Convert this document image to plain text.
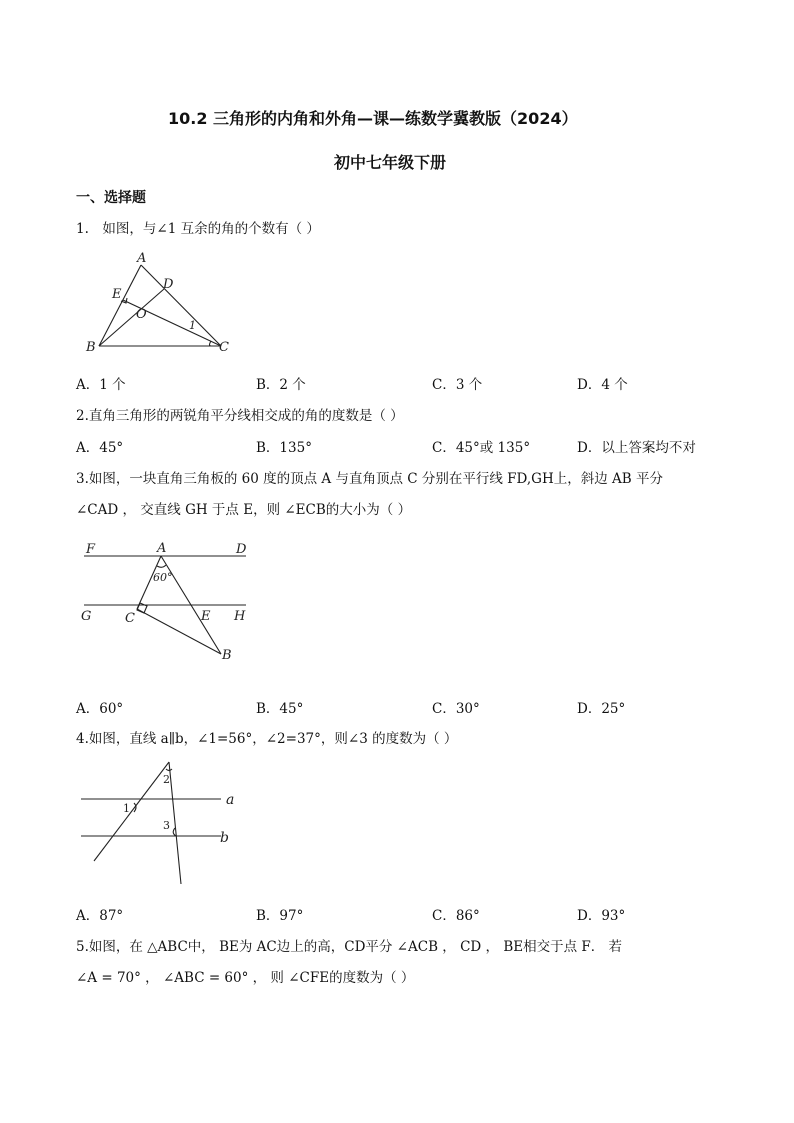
10.2 三角形的内角和外角—课—练数学冀教版（2024）
初中七年级下册
一、选择题
1.　如图，与∠1 互余的角的个数有（ ）
A
D
E
O
1
B	C
A．1 个	B．2 个	C．3 个	D．4 个
2.直角三角形的两锐角平分线相交成的角的度数是（ ）
A．45°	B．135°	C．45°或 135°	D．以上答案均不对
3.如图，一块直角三角板的 60 度的顶点 A 与直角顶点 C 分别在平行线 FD,GH上，斜边 AB 平分
∠CAD ， 交直线 GH 于点 E，则 ∠ECB的大小为（ ）
F	A	D
60°
G	C	E H
B
A．60°	B．45°	C．30°	D．25°
4.如图，直线 a∥b，∠1=56°，∠2=37°，则∠3 的度数为（ ）
2
1
3
a
b
A．87°	B．97°	C．86°	D．93°
5.如图，在 △ABC中， BE为 AC边上的高，CD平分 ∠ACB ， CD ， BE相交于点 F． 若
∠A = 70° ， ∠ABC = 60° ， 则 ∠CFE的度数为（ ）
